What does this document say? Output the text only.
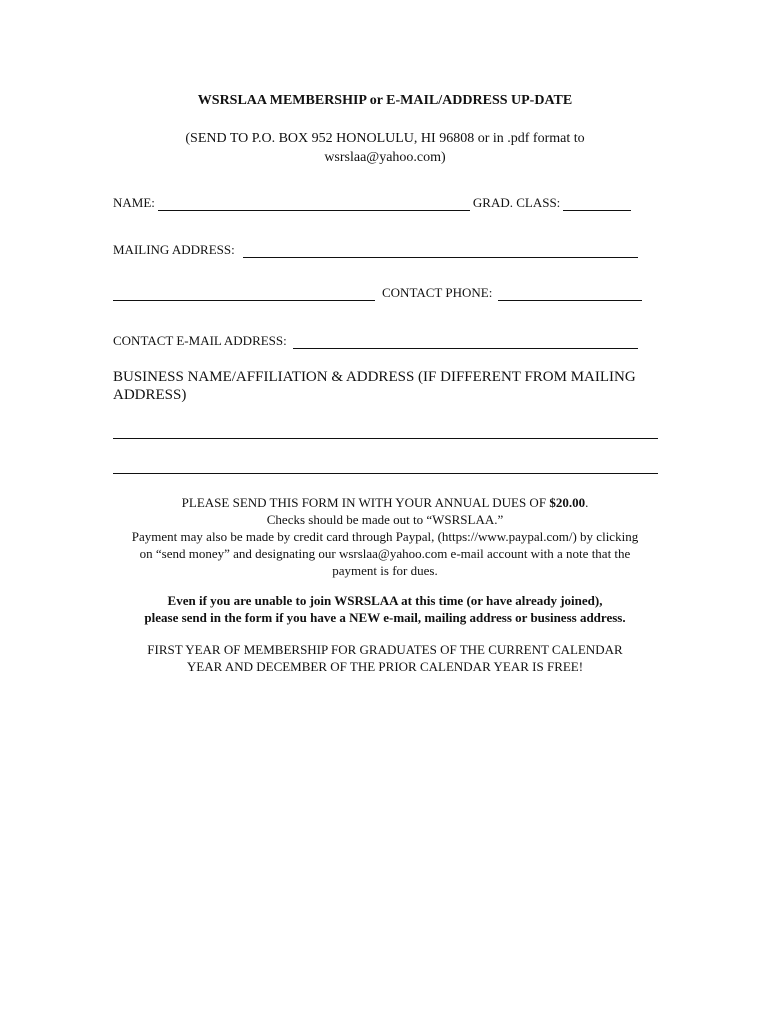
WSRSLAA MEMBERSHIP or E-MAIL/ADDRESS UP-DATE
(SEND TO P.O. BOX 952 HONOLULU, HI 96808 or in .pdf format to
wsrslaa@yahoo.com)
NAME:	GRAD. CLASS:
MAILING ADDRESS:
CONTACT PHONE:
CONTACT E-MAIL ADDRESS:
BUSINESS NAME/AFFILIATION & ADDRESS (IF DIFFERENT FROM MAILING
ADDRESS)
PLEASE SEND THIS FORM IN WITH YOUR ANNUAL DUES OF $20.00.
Checks should be made out to “WSRSLAA.”
Payment may also be made by credit card through Paypal, (https://www.paypal.com/) by clicking
on “send money” and designating our wsrslaa@yahoo.com e-mail account with a note that the
payment is for dues.
Even if you are unable to join WSRSLAA at this time (or have already joined),
please send in the form if you have a NEW e-mail, mailing address or business address.
FIRST YEAR OF MEMBERSHIP FOR GRADUATES OF THE CURRENT CALENDAR
YEAR AND DECEMBER OF THE PRIOR CALENDAR YEAR IS FREE!
